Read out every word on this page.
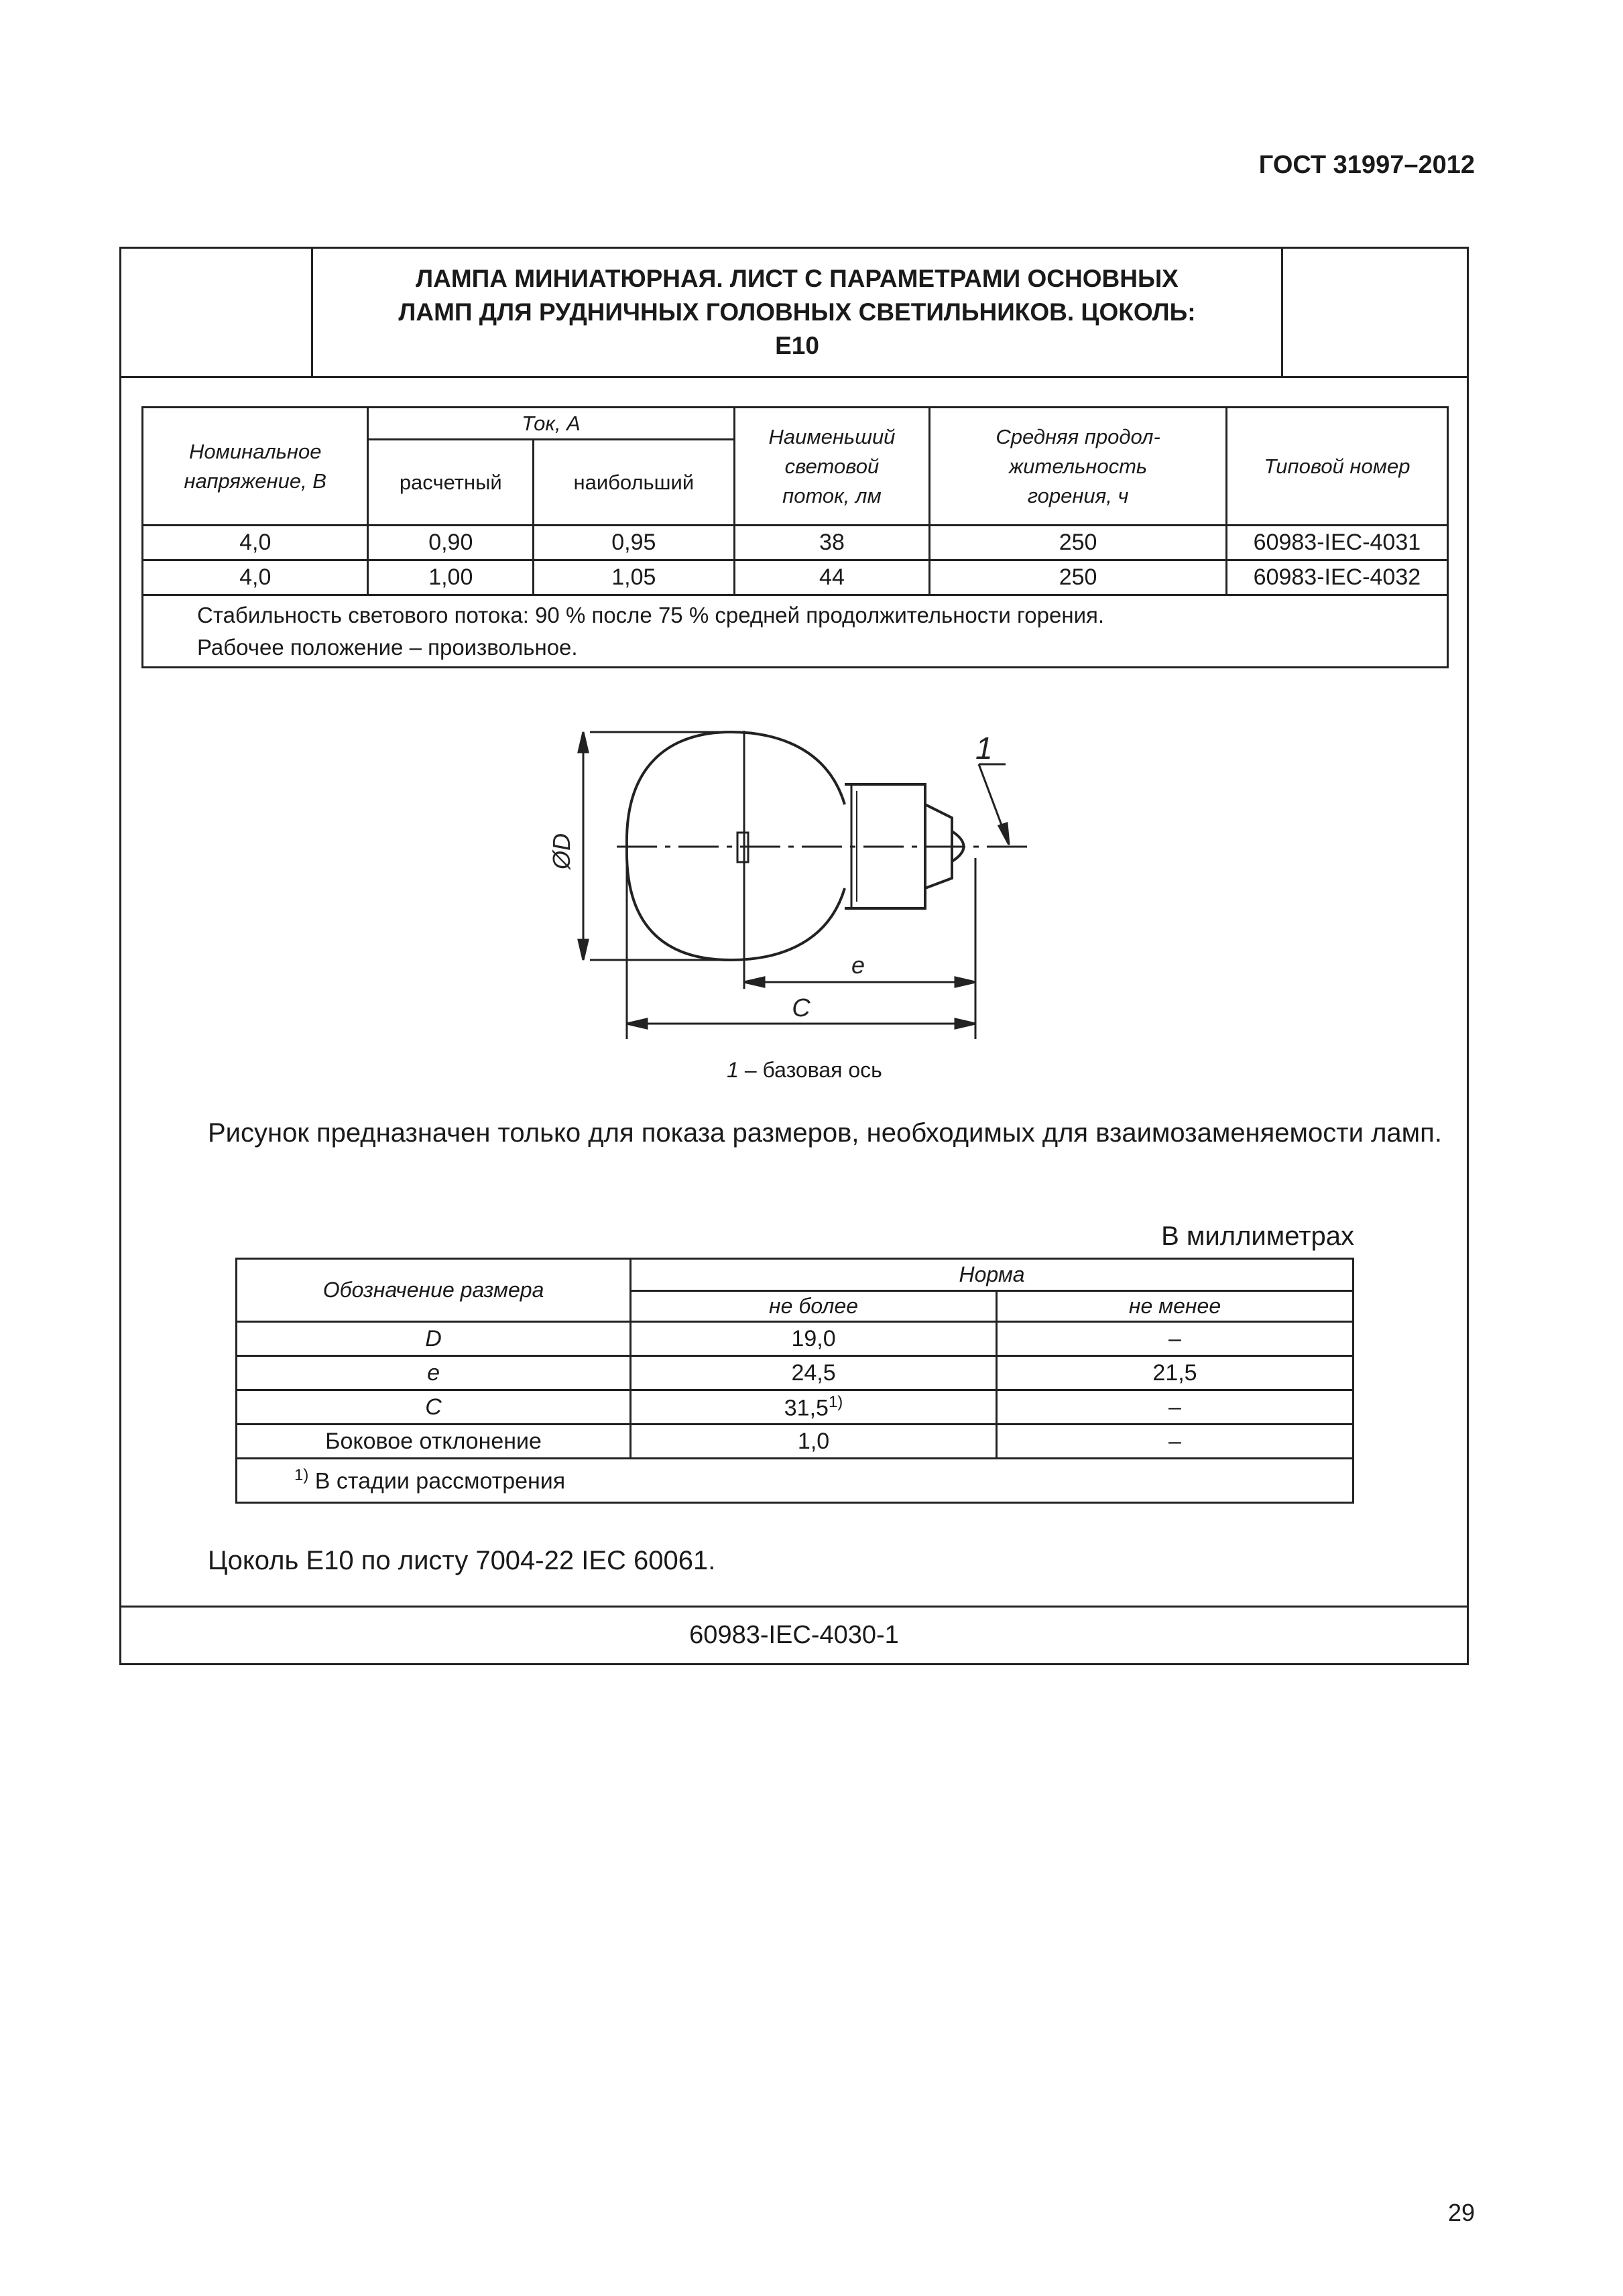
ГОСТ 31997–2012
ЛАМПА МИНИАТЮРНАЯ. ЛИСТ С ПАРАМЕТРАМИ ОСНОВНЫХ
ЛАМП ДЛЯ РУДНИЧНЫХ ГОЛОВНЫХ СВЕТИЛЬНИКОВ. ЦОКОЛЬ:
E10
Номинальное напряжение, В	Ток, А		Наименьший световой поток, лм	Средняя продол-жительность горения, ч	Типовой номер
	расчетный	наибольший			
4,0	0,90	0,95	38	250	60983-IEC-4031
4,0	1,00	1,05	44	250	60983-IEC-4032

Стабильность светового потока: 90 % после 75 % средней продолжительности горения.
Рабочее положение – произвольное.					
1
ØD
e
C
1 – базовая ось
Рисунок предназначен только для показа размеров, необходимых для взаимозаменяемости ламп.
В миллиметрах
Обозначение размера	Норма	
	не более	не менее
D	19,0	–
e	24,5	21,5
C	31,5$^{1)}$	–
Боковое отклонение	1,0	–
$^{1)}$ В стадии рассмотрения		
Цоколь E10 по листу 7004-22 IEC 60061.
60983-IEC-4030-1
29
